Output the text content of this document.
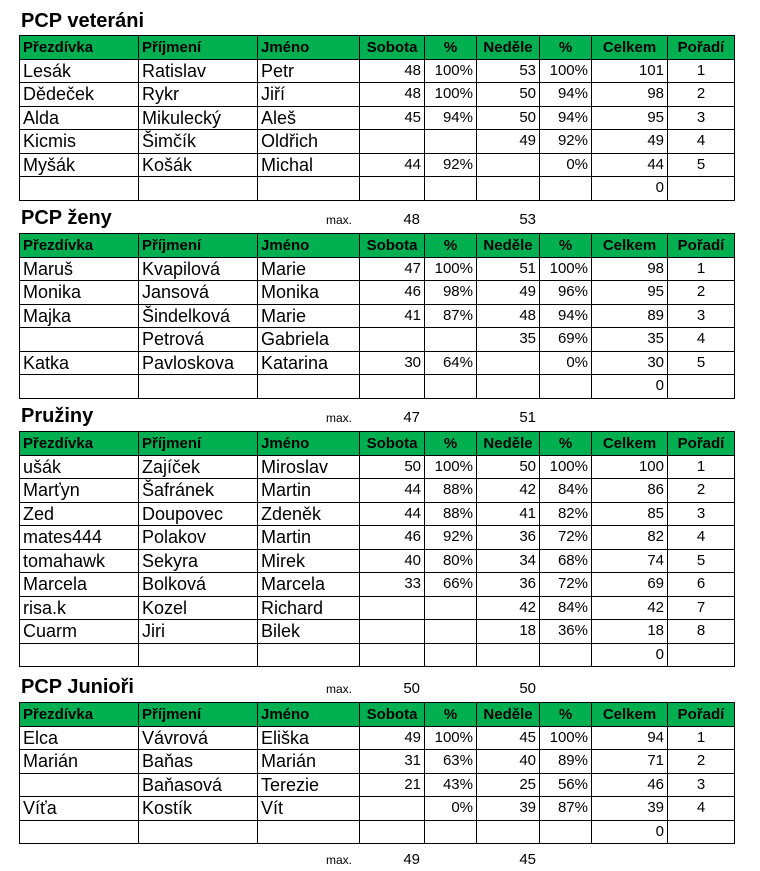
PCP veteráni
Přezdívka	Příjmení	Jméno	Sobota	%	Neděle	%	Celkem	Pořadí
Lesák	Ratislav	Petr	48	100%	53	100%	101	1
Dědeček	Rykr	Jiří	48	100%	50	94%	98	2
Alda	Mikulecký	Aleš	45	94%	50	94%	95	3
Kicmis	Šimčík	Oldřich			49	92%	49	4
Myšák	Košák	Michal	44	92%		0%	44	5
							0	
PCP ženy
Přezdívka	Příjmení	Jméno	Sobota	%	Neděle	%	Celkem	Pořadí
Maruš	Kvapilová	Marie	47	100%	51	100%	98	1
Monika	Jansová	Monika	46	98%	49	96%	95	2
Majka	Šindelková	Marie	41	87%	48	94%	89	3
	Petrová	Gabriela			35	69%	35	4
Katka	Pavloskova	Katarina	30	64%		0%	30	5
							0	
Pružiny
Přezdívka	Příjmení	Jméno	Sobota	%	Neděle	%	Celkem	Pořadí
ušák	Zajíček	Miroslav	50	100%	50	100%	100	1
Marťyn	Šafránek	Martin	44	88%	42	84%	86	2
Zed	Doupovec	Zdeněk	44	88%	41	82%	85	3
mates444	Polakov	Martin	46	92%	36	72%	82	4
tomahawk	Sekyra	Mirek	40	80%	34	68%	74	5
Marcela	Bolková	Marcela	33	66%	36	72%	69	6
risa.k	Kozel	Richard			42	84%	42	7
Cuarm	Jiri	Bilek			18	36%	18	8
							0	
PCP Junioři
Přezdívka	Příjmení	Jméno	Sobota	%	Neděle	%	Celkem	Pořadí
Elca	Vávrová	Eliška	49	100%	45	100%	94	1
Marián	Baňas	Marián	31	63%	40	89%	71	2
	Baňasová	Terezie	21	43%	25	56%	46	3
Víťa	Kostík	Vít		0%	39	87%	39	4
							0	
max.	49	45
max.	48	53
max.	47	51
max.	50	50
